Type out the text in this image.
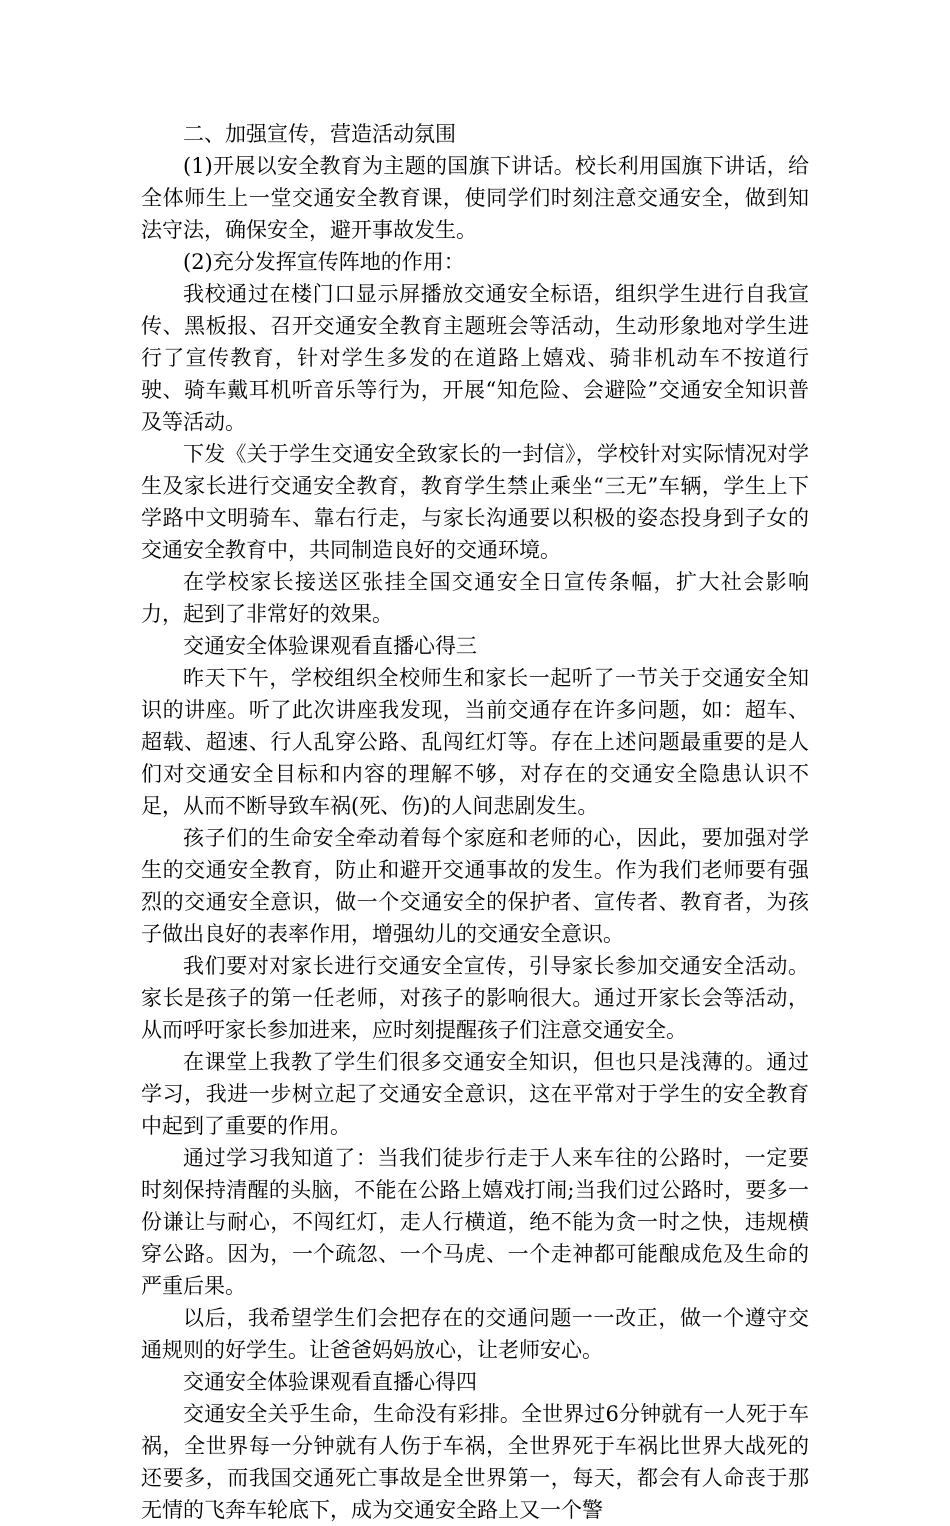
二、加强宣传，营造活动氛围

(1)开展以安全教育为主题的国旗下讲话。校长利用国旗下讲话，给全体师生上一堂交通安全教育课，使同学们时刻注意交通安全，做到知法守法，确保安全，避开事故发生。

(2)充分发挥宣传阵地的作用：

我校通过在楼门口显示屏播放交通安全标语，组织学生进行自我宣传、黑板报、召开交通安全教育主题班会等活动，生动形象地对学生进行了宣传教育，针对学生多发的在道路上嬉戏、骑非机动车不按道行驶、骑车戴耳机听音乐等行为，开展“知危险、会避险”交通安全知识普及等活动。

下发《关于学生交通安全致家长的一封信》，学校针对实际情况对学生及家长进行交通安全教育，教育学生禁止乘坐“三无”车辆，学生上下学路中文明骑车、靠右行走，与家长沟通要以积极的姿态投身到子女的交通安全教育中，共同制造良好的交通环境。

在学校家长接送区张挂全国交通安全日宣传条幅，扩大社会影响力，起到了非常好的效果。

交通安全体验课观看直播心得三

昨天下午，学校组织全校师生和家长一起听了一节关于交通安全知识的讲座。听了此次讲座我发现，当前交通存在许多问题，如：超车、超载、超速、行人乱穿公路、乱闯红灯等。存在上述问题最重要的是人们对交通安全目标和内容的理解不够，对存在的交通安全隐患认识不足，从而不断导致车祸(死、伤)的人间悲剧发生。

孩子们的生命安全牵动着每个家庭和老师的心，因此，要加强对学生的交通安全教育，防止和避开交通事故的发生。作为我们老师要有强烈的交通安全意识，做一个交通安全的保护者、宣传者、教育者，为孩子做出良好的表率作用，增强幼儿的交通安全意识。

我们要对对家长进行交通安全宣传，引导家长参加交通安全活动。家长是孩子的第一任老师，对孩子的影响很大。通过开家长会等活动，从而呼吁家长参加进来，应时刻提醒孩子们注意交通安全。

在课堂上我教了学生们很多交通安全知识，但也只是浅薄的。通过学习，我进一步树立起了交通安全意识，这在平常对于学生的安全教育中起到了重要的作用。

通过学习我知道了：当我们徒步行走于人来车往的公路时，一定要时刻保持清醒的头脑，不能在公路上嬉戏打闹;当我们过公路时，要多一份谦让与耐心，不闯红灯，走人行横道，绝不能为贪一时之快，违规横穿公路。因为，一个疏忽、一个马虎、一个走神都可能酿成危及生命的严重后果。

以后，我希望学生们会把存在的交通问题一一改正，做一个遵守交通规则的好学生。让爸爸妈妈放心，让老师安心。

交通安全体验课观看直播心得四

交通安全关乎生命，生命没有彩排。全世界过6分钟就有一人死于车祸，全世界每一分钟就有人伤于车祸，全世界死于车祸比世界大战死的还要多，而我国交通死亡事故是全世界第一，每天，都会有人命丧于那无情的飞奔车轮底下，成为交通安全路上又一个警
